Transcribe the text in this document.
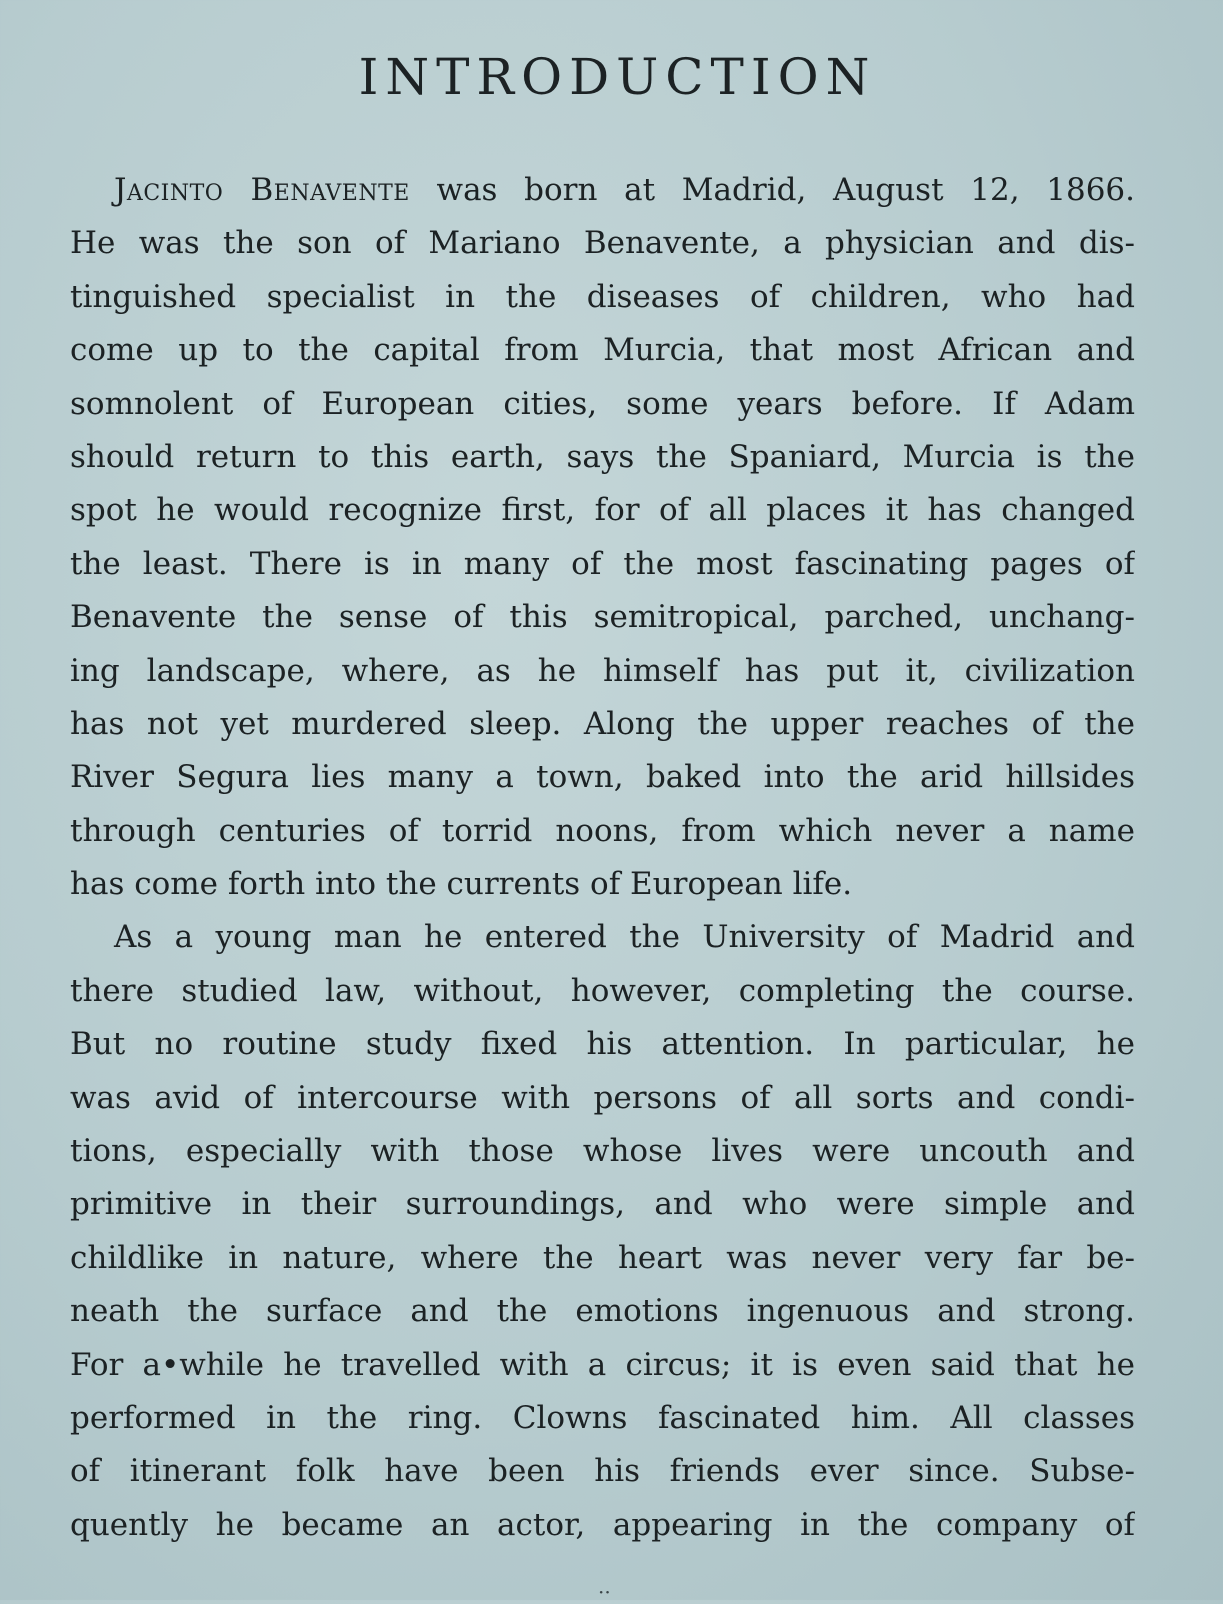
INTRODUCTION
Jacinto Benavente was born at Madrid, August 12, 1866.
He was the son of Mariano Benavente, a physician and dis-
tinguished specialist in the diseases of children, who had
come up to the capital from Murcia, that most African and
somnolent of European cities, some years before. If Adam
should return to this earth, says the Spaniard, Murcia is the
spot he would recognize first, for of all places it has changed
the least. There is in many of the most fascinating pages of
Benavente the sense of this semitropical, parched, unchang-
ing landscape, where, as he himself has put it, civilization
has not yet murdered sleep. Along the upper reaches of the
River Segura lies many a town, baked into the arid hillsides
through centuries of torrid noons, from which never a name
has come forth into the currents of European life.
As a young man he entered the University of Madrid and
there studied law, without, however, completing the course.
But no routine study fixed his attention. In particular, he
was avid of intercourse with persons of all sorts and condi-
tions, especially with those whose lives were uncouth and
primitive in their surroundings, and who were simple and
childlike in nature, where the heart was never very far be-
neath the surface and the emotions ingenuous and strong.
For a•while he travelled with a circus; it is even said that he
performed in the ring. Clowns fascinated him. All classes
of itinerant folk have been his friends ever since. Subse-
quently he became an actor, appearing in the company of
··
